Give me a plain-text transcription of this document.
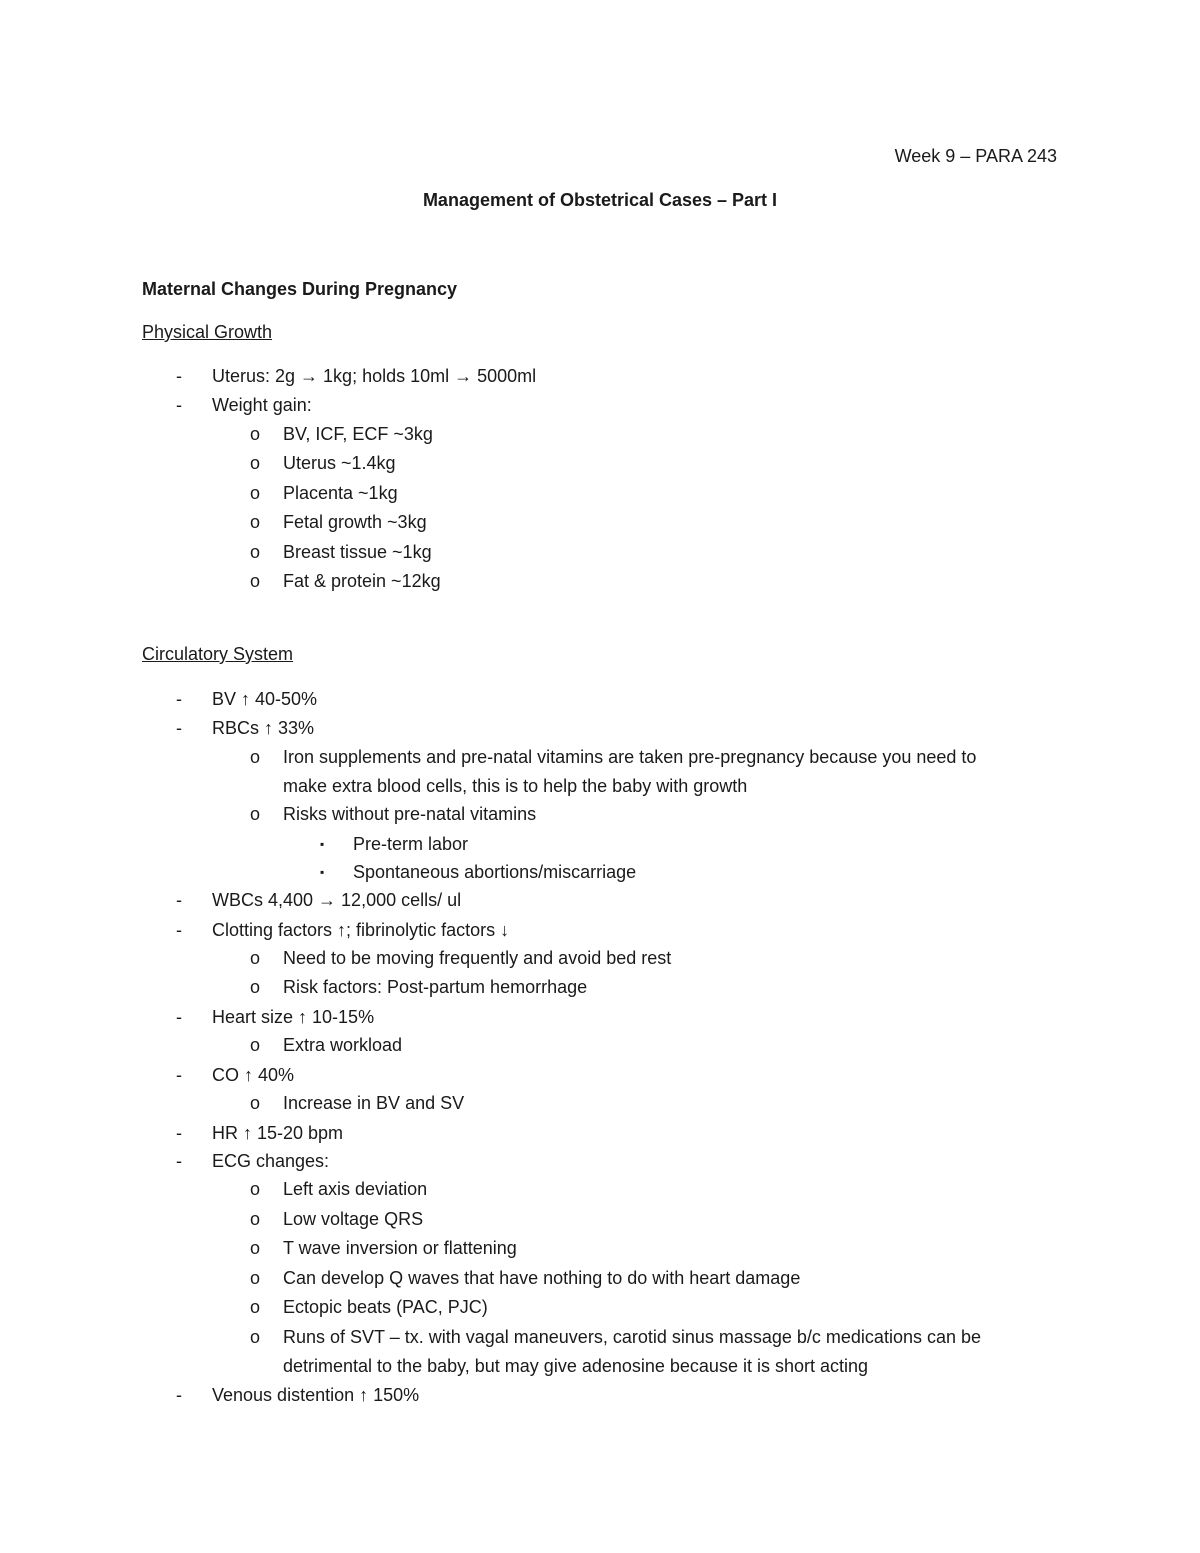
Week 9 – PARA 243
Management of Obstetrical Cases – Part I
Maternal Changes During Pregnancy
Physical Growth
- Uterus: 2g → 1kg; holds 10ml → 5000ml
- Weight gain:
o BV, ICF, ECF ~3kg
o Uterus ~1.4kg
o Placenta ~1kg
o Fetal growth ~3kg
o Breast tissue ~1kg
o Fat & protein ~12kg
Circulatory System
- BV ↑ 40-50%
- RBCs ↑ 33%
o Iron supplements and pre-natal vitamins are taken pre-pregnancy because you need to
make extra blood cells, this is to help the baby with growth
o Risks without pre-natal vitamins
▪ Pre-term labor
▪ Spontaneous abortions/miscarriage
- WBCs 4,400 → 12,000 cells/ ul
- Clotting factors ↑; fibrinolytic factors ↓
o Need to be moving frequently and avoid bed rest
o Risk factors: Post-partum hemorrhage
- Heart size ↑ 10-15%
o Extra workload
- CO ↑ 40%
o Increase in BV and SV
- HR ↑ 15-20 bpm
- ECG changes:
o Left axis deviation
o Low voltage QRS
o T wave inversion or flattening
o Can develop Q waves that have nothing to do with heart damage
o Ectopic beats (PAC, PJC)
o Runs of SVT – tx. with vagal maneuvers, carotid sinus massage b/c medications can be
detrimental to the baby, but may give adenosine because it is short acting
- Venous distention ↑ 150%
